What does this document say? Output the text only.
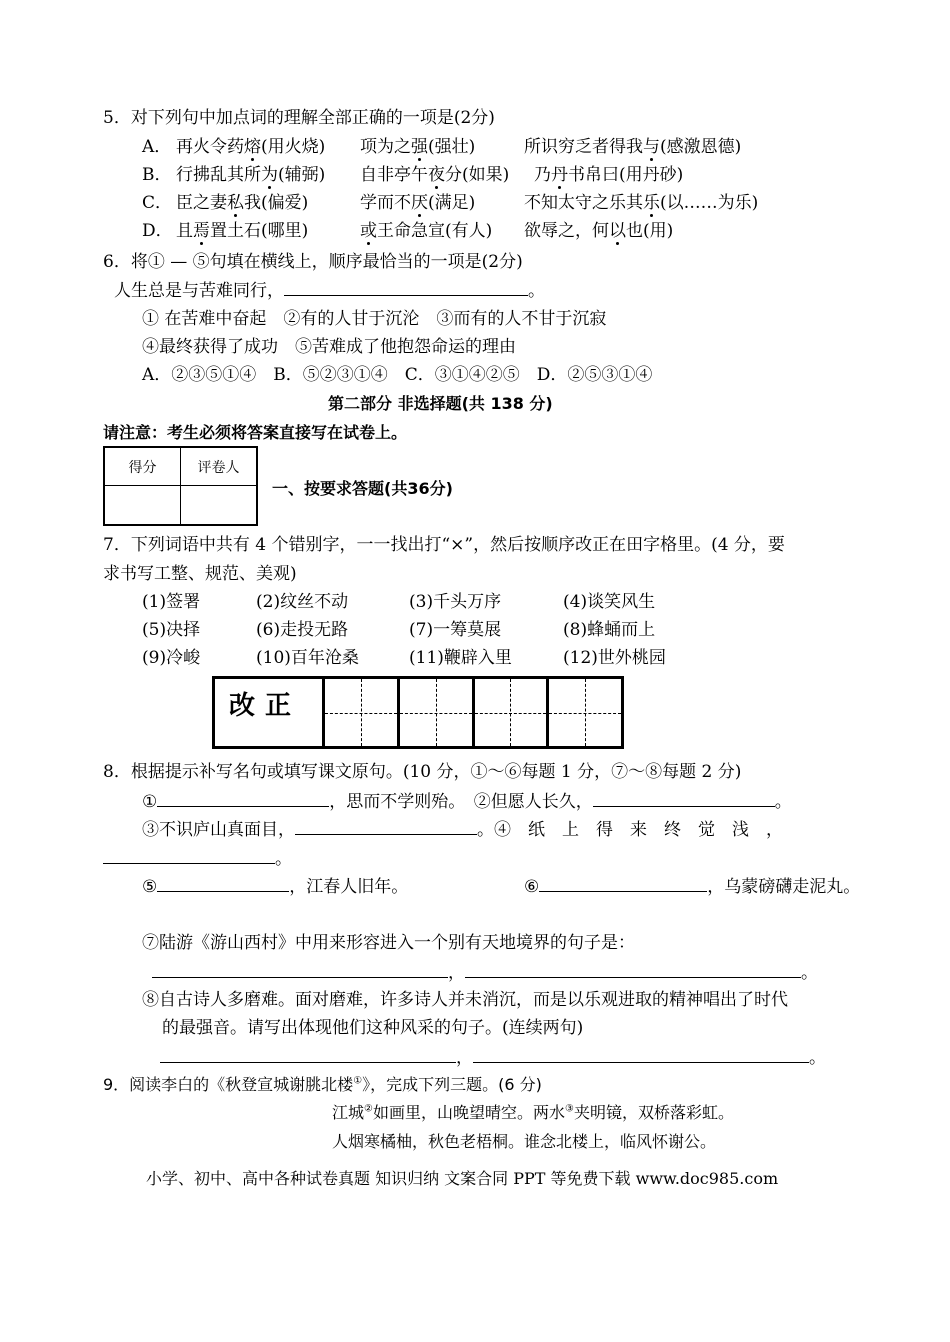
5．对下列句中加点词的理解全部正确的一项是(2分)
A． 再火令药熔(用火烧) 项为之强(强壮)	所识穷乏者得我与(感激恩德)
B． 行拂乱其所为(辅弼) 自非亭午夜分(如果) 乃丹书帛曰(用丹砂)
C． 臣之妻私我(偏爱)	学而不厌(满足)	不知太守之乐其乐(以……为乐)
D． 且焉置土石(哪里)	或王命急宣(有人) 欲辱之，何以也(用)
6．将① — ⑤句填在横线上，顺序最恰当的一项是(2分)
人生总是与苦难同行，	。
① 在苦难中奋起　②有的人甘于沉沦　③而有的人不甘于沉寂
④最终获得了成功　⑤苦难成了他抱怨命运的理由
A．②③⑤①④　B．⑤②③①④　C．③①④②⑤　D．②⑤③①④
第二部分 非选择题(共 138 分)
请注意：考生必须将答案直接写在试卷上。
得分	评卷人

一、按要求答题(共36分)
7．下列词语中共有 4 个错别字，一一找出打“×”，然后按顺序改正在田字格里。(4 分，要
求书写工整、规范、美观)
(1)签署	(2)纹丝不动	(3)千头万序	(4)谈笑风生
(5)决择	(6)走投无路	(7)一筹莫展	(8)蜂蛹而上
(9)冷峻	(10)百年沧桑	(11)鞭辟入里	(12)世外桃园
改正
8．根据提示补写名句或填写课文原句。(10 分，①～⑥每题 1 分，⑦～⑧每题 2 分)
①	，思而不学则殆。　②但愿人长久，	。
③不识庐山真面目，	。④　纸　上　得　来　终　觉　浅　，
。
⑤	，江春人旧年。	⑥	，乌蒙磅礴走泥丸。
⑦陆游《游山西村》中用来形容进入一个别有天地境界的句子是：
，	。
⑧自古诗人多磨难。面对磨难，许多诗人并未消沉，而是以乐观进取的精神唱出了时代
的最强音。请写出体现他们这种风采的句子。(连续两句)
，	。
9．阅读李白的《秋登宣城谢朓北楼①》，完成下列三题。(6 分)
江城②如画里，山晚望晴空。两水③夹明镜，双桥落彩虹。
人烟寒橘柚，秋色老梧桐。谁念北楼上，临风怀谢公。
小学、初中、高中各种试卷真题 知识归纳 文案合同 PPT 等免费下载 www.doc985.com
